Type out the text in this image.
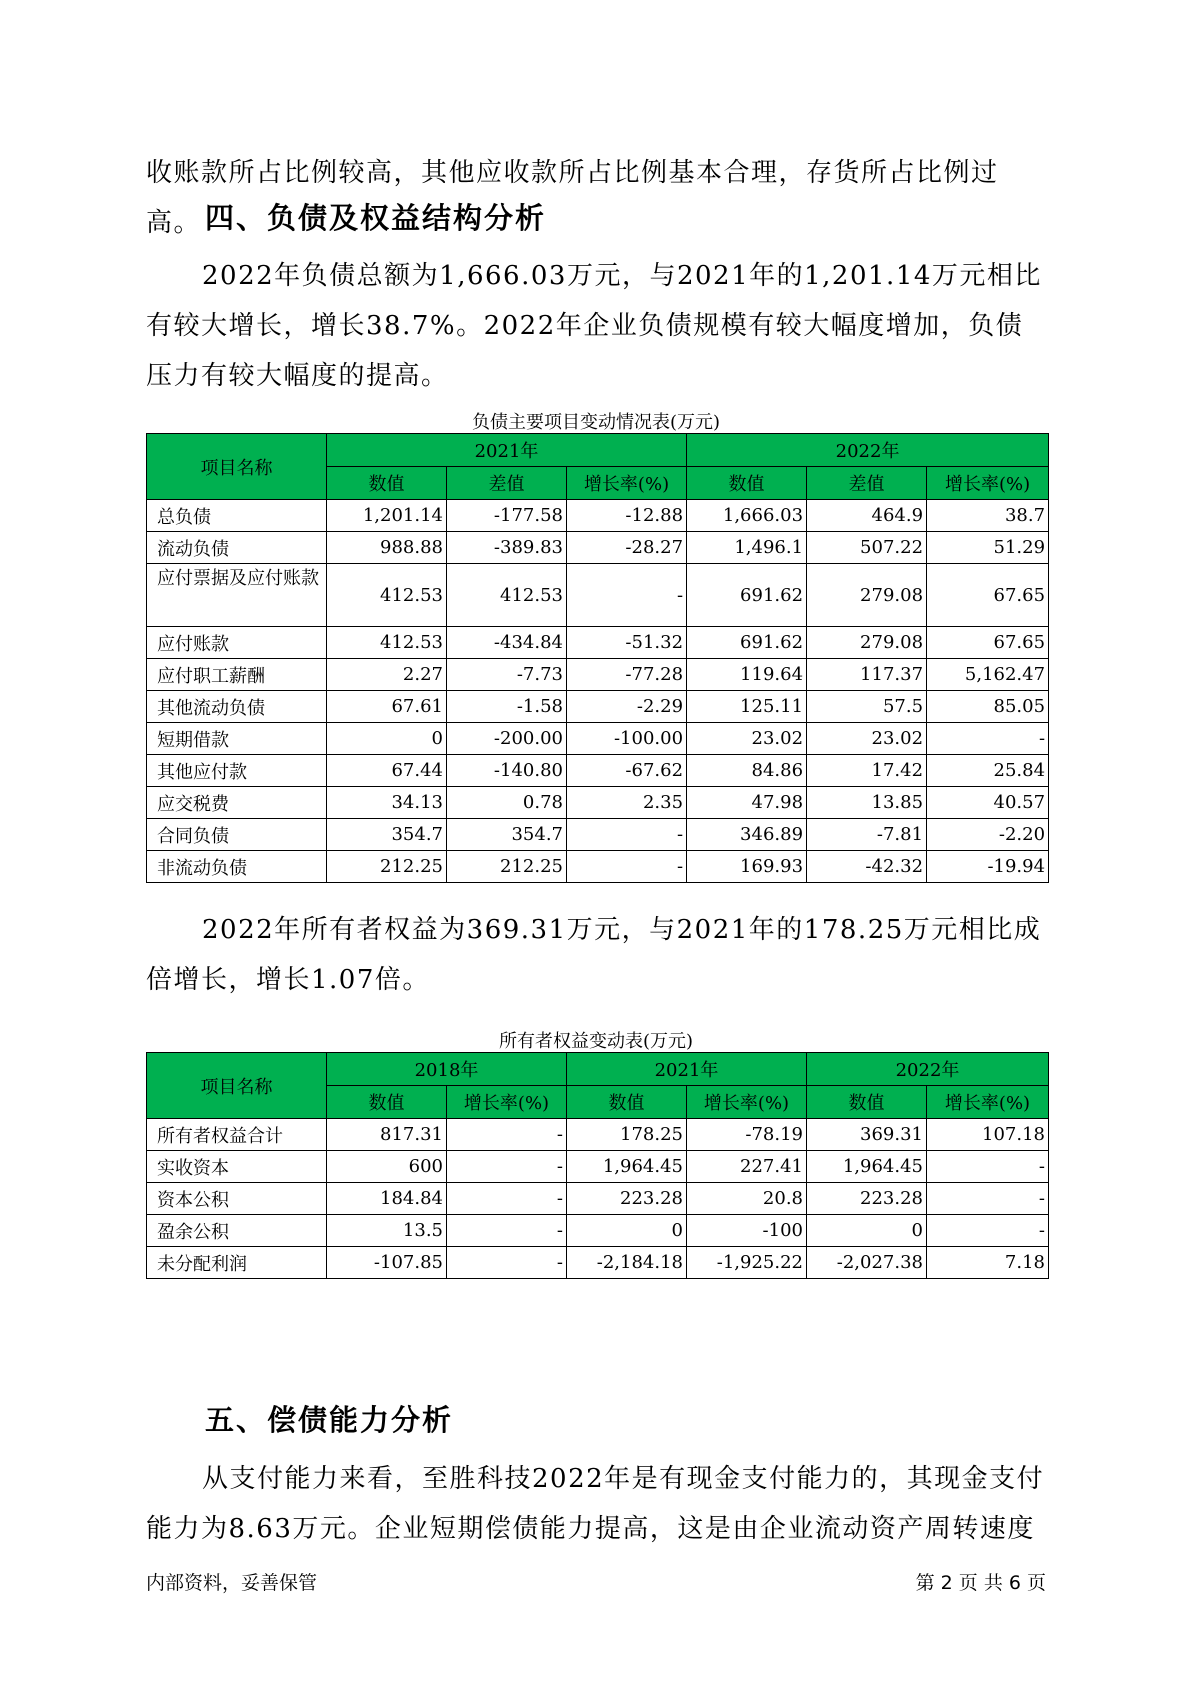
收账款所占比例较高，其他应收款所占比例基本合理，存货所占比例过高。 四、负债及权益结构分析

2022年负债总额为1,666.03万元，与2021年的1,201.14万元相比有较大增长，增长38.7%。2022年企业负债规模有较大幅度增加，负债压力有较大幅度的提高。

负债主要项目变动情况表(万元)

项目名称	2021年			2022年		
	数值	差值	增长率(%)	数值	差值	增长率(%)
总负债	1,201.14	-177.58	-12.88	1,666.03	464.9	38.7
流动负债	988.88	-389.83	-28.27	1,496.1	507.22	51.29
应付票据及应付账款	412.53	412.53	-	691.62	279.08	67.65
应付账款	412.53	-434.84	-51.32	691.62	279.08	67.65
应付职工薪酬	2.27	-7.73	-77.28	119.64	117.37	5,162.47
其他流动负债	67.61	-1.58	-2.29	125.11	57.5	85.05
短期借款	0	-200.00	-100.00	23.02	23.02	-
其他应付款	67.44	-140.80	-67.62	84.86	17.42	25.84
应交税费	34.13	0.78	2.35	47.98	13.85	40.57
合同负债	354.7	354.7	-	346.89	-7.81	-2.20
非流动负债	212.25	212.25	-	169.93	-42.32	-19.94

2022年所有者权益为369.31万元，与2021年的178.25万元相比成倍增长，增长1.07倍。

所有者权益变动表(万元)

项目名称	2018年		2021年		2022年	
	数值	增长率(%)	数值	增长率(%)	数值	增长率(%)
所有者权益合计	817.31	-	178.25	-78.19	369.31	107.18
实收资本	600	-	1,964.45	227.41	1,964.45	-
资本公积	184.84	-	223.28	20.8	223.28	-
盈余公积	13.5	-	0	-100	0	-
未分配利润	-107.85	-	-2,184.18	-1,925.22	-2,027.38	7.18
五、偿债能力分析

从支付能力来看，至胜科技2022年是有现金支付能力的，其现金支付能力为8.63万元。企业短期偿债能力提高，这是由企业流动资产周转速度

内部资料，妥善保管	第 2 页 共 6 页
